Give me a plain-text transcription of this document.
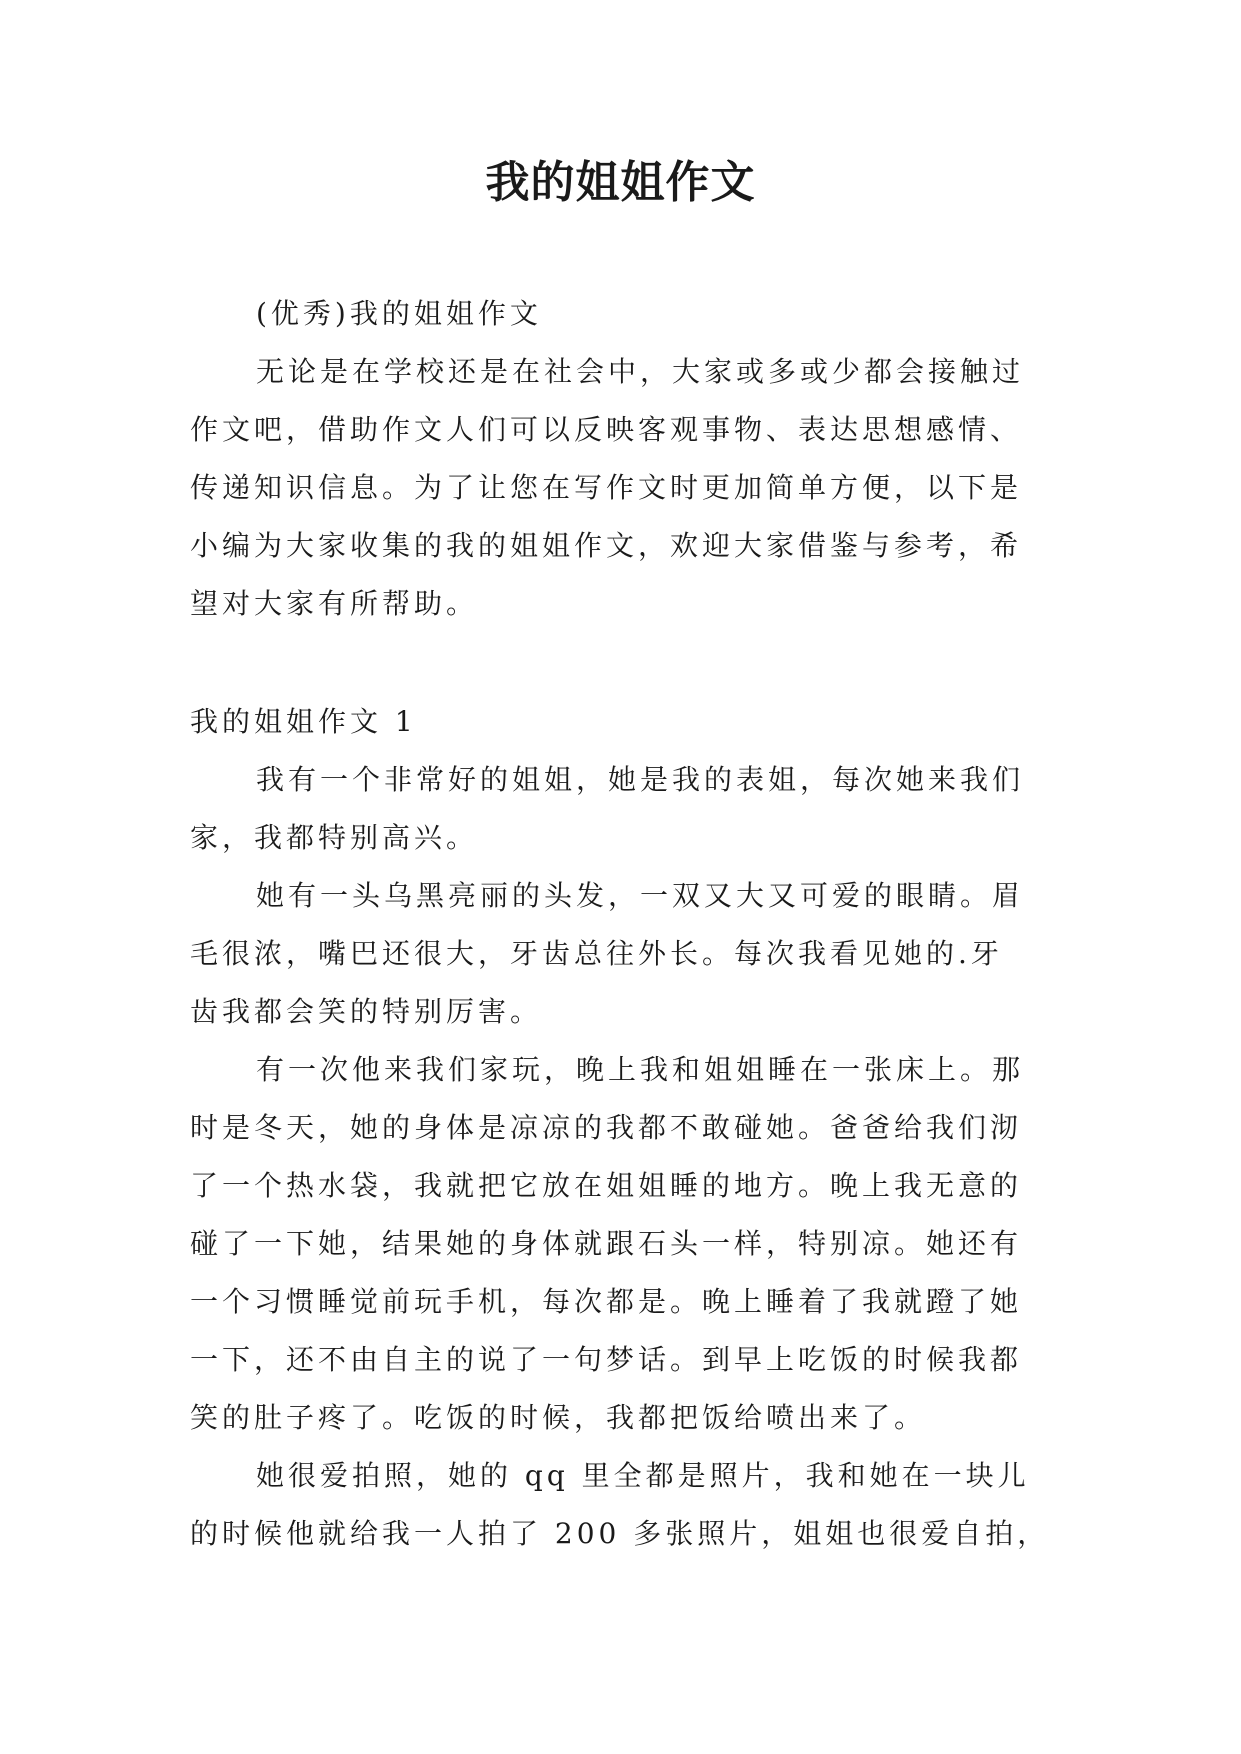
我的姐姐作文

(优秀)我的姐姐作文

无论是在学校还是在社会中，大家或多或少都会接触过

作文吧，借助作文人们可以反映客观事物、表达思想感情、

传递知识信息。为了让您在写作文时更加简单方便，以下是

小编为大家收集的我的姐姐作文，欢迎大家借鉴与参考，希

望对大家有所帮助。

我的姐姐作文 1

我有一个非常好的姐姐，她是我的表姐，每次她来我们

家，我都特别高兴。

她有一头乌黑亮丽的头发，一双又大又可爱的眼睛。眉

毛很浓，嘴巴还很大，牙齿总往外长。每次我看见她的.牙

齿我都会笑的特别厉害。

有一次他来我们家玩，晚上我和姐姐睡在一张床上。那

时是冬天，她的身体是凉凉的我都不敢碰她。爸爸给我们沏

了一个热水袋，我就把它放在姐姐睡的地方。晚上我无意的

碰了一下她，结果她的身体就跟石头一样，特别凉。她还有

一个习惯睡觉前玩手机，每次都是。晚上睡着了我就蹬了她

一下，还不由自主的说了一句梦话。到早上吃饭的时候我都

笑的肚子疼了。吃饭的时候，我都把饭给喷出来了。

她很爱拍照，她的 qq 里全都是照片，我和她在一块儿

的时候他就给我一人拍了 200 多张照片，姐姐也很爱自拍，
